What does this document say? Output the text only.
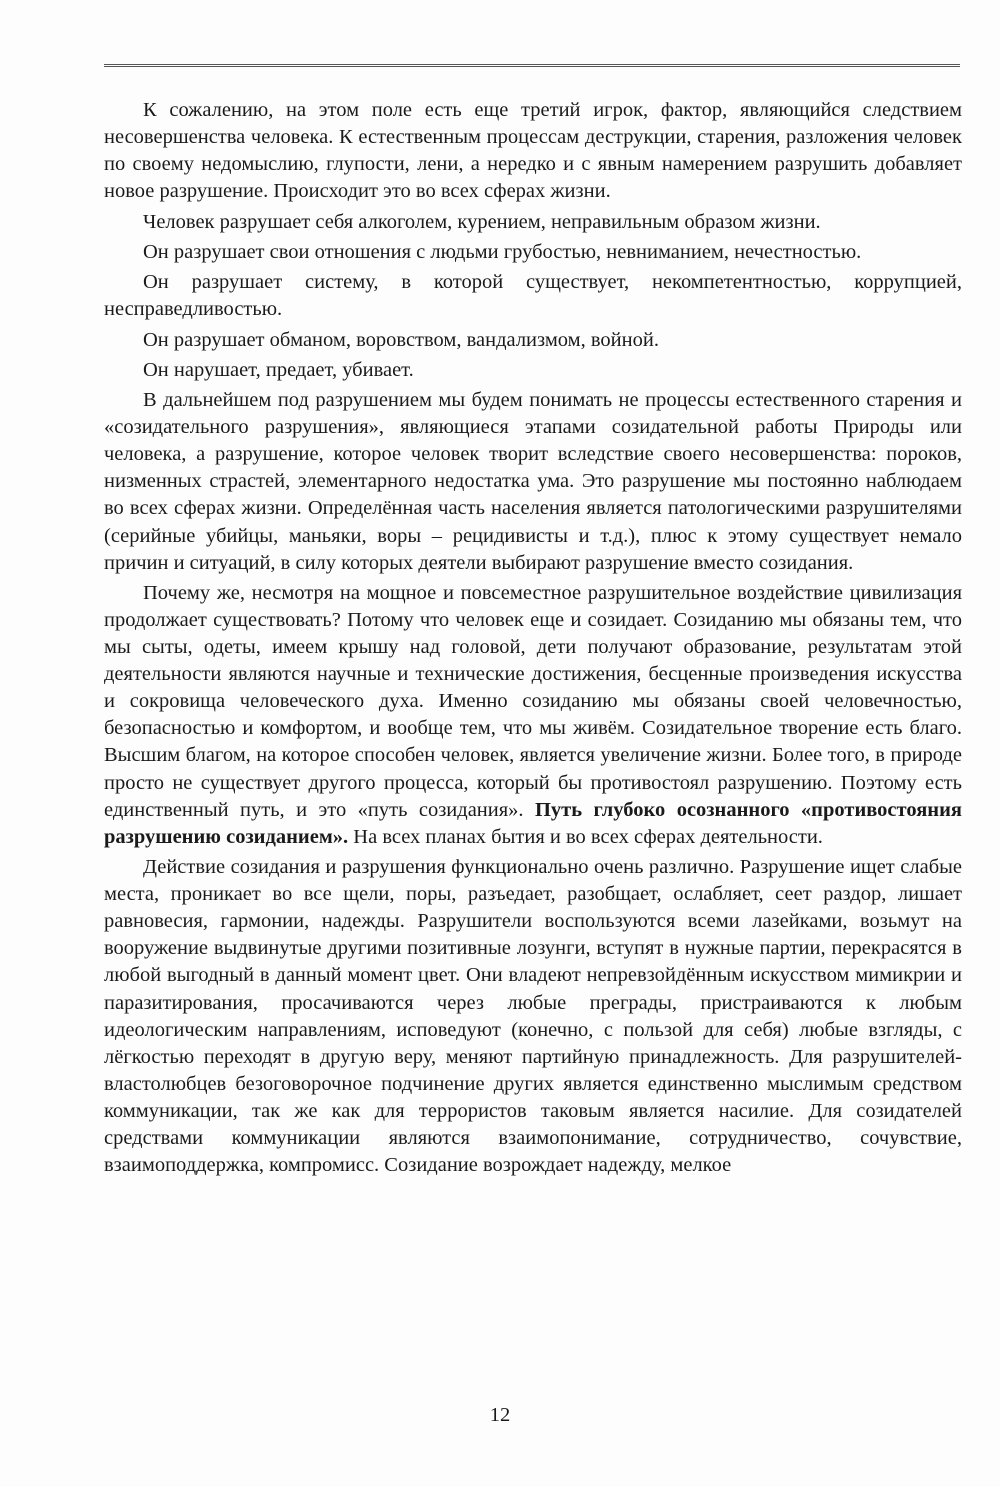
К сожалению, на этом поле есть еще третий игрок, фактор, являющийся следствием несовершенства человека. К естественным процессам деструкции, старения, разложения человек по своему недомыслию, глупости, лени, а нередко и с явным намерением разрушить добавляет новое разрушение. Происходит это во всех сферах жизни.

Человек разрушает себя алкоголем, курением, неправильным образом жизни.

Он разрушает свои отношения с людьми грубостью, невниманием, нечестностью.

Он разрушает систему, в которой существует, некомпетентностью, коррупцией, несправедливостью.

Он разрушает обманом, воровством, вандализмом, войной.

Он нарушает, предает, убивает.

В дальнейшем под разрушением мы будем понимать не процессы естественного старения и «созидательного разрушения», являющиеся этапами созидательной работы Природы или человека, а разрушение, которое человек творит вследствие своего несовершенства: пороков, низменных страстей, элементарного недостатка ума. Это разрушение мы постоянно наблюдаем во всех сферах жизни. Определённая часть населения является патологическими разрушителями (серийные убийцы, маньяки, воры – рецидивисты и т.д.), плюс к этому существует немало причин и ситуаций, в силу которых деятели выбирают разрушение вместо созидания.

Почему же, несмотря на мощное и повсеместное разрушительное воздействие цивилизация продолжает существовать? Потому что человек еще и созидает. Созиданию мы обязаны тем, что мы сыты, одеты, имеем крышу над головой, дети получают образование, результатам этой деятельности являются научные и технические достижения, бесценные произведения искусства и сокровища человеческого духа. Именно созиданию мы обязаны своей человечностью, безопасностью и комфортом, и вообще тем, что мы живём. Созидательное творение есть благо. Высшим благом, на которое способен человек, является увеличение жизни. Более того, в природе просто не существует другого процесса, который бы противостоял разрушению. Поэтому есть единственный путь, и это «путь созидания». Путь глубоко осознанного «противостояния разрушению созиданием». На всех планах бытия и во всех сферах деятельности.

Действие созидания и разрушения функционально очень различно. Разрушение ищет слабые места, проникает во все щели, поры, разъедает, разобщает, ослабляет, сеет раздор, лишает равновесия, гармонии, надежды. Разрушители воспользуются всеми лазейками, возьмут на вооружение выдвинутые другими позитивные лозунги, вступят в нужные партии, перекрасятся в любой выгодный в данный момент цвет. Они владеют непревзойдённым искусством мимикрии и паразитирования, просачиваются через любые преграды, пристраиваются к любым идеологическим направлениям, исповедуют (конечно, с пользой для себя) любые взгляды, с лёгкостью переходят в другую веру, меняют партийную принадлежность. Для разрушителей-властолюбцев безоговорочное подчинение других является единственно мыслимым средством коммуникации, так же как для террористов таковым является насилие. Для созидателей средствами коммуникации являются взаимопонимание, сотрудничество, сочувствие, взаимоподдержка, компромисс. Созидание возрождает надежду, мелкое

12
